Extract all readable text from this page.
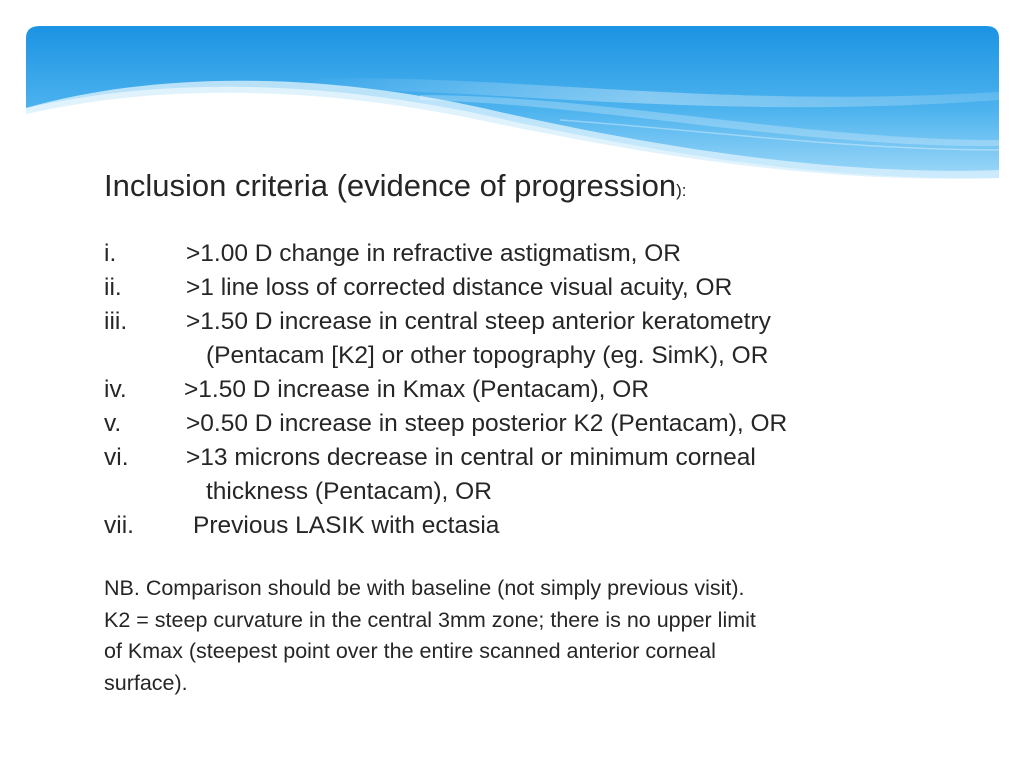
Inclusion criteria (evidence of progression):
i.	>1.00 D change in refractive astigmatism, OR
ii.	>1 line loss of corrected distance visual acuity, OR
iii. >1.50 D increase in central steep anterior keratometry
(Pentacam [K2] or other topography (eg. SimK), OR
iv. >1.50 D increase in Kmax (Pentacam), OR
v.	>0.50 D increase in steep posterior K2 (Pentacam), OR
vi. >13 microns decrease in central or minimum corneal
thickness (Pentacam), OR
vii. Previous LASIK with ectasia
NB. Comparison should be with baseline (not simply previous visit).
K2 = steep curvature in the central 3mm zone; there is no upper limit
of Kmax (steepest point over the entire scanned anterior corneal
surface).
